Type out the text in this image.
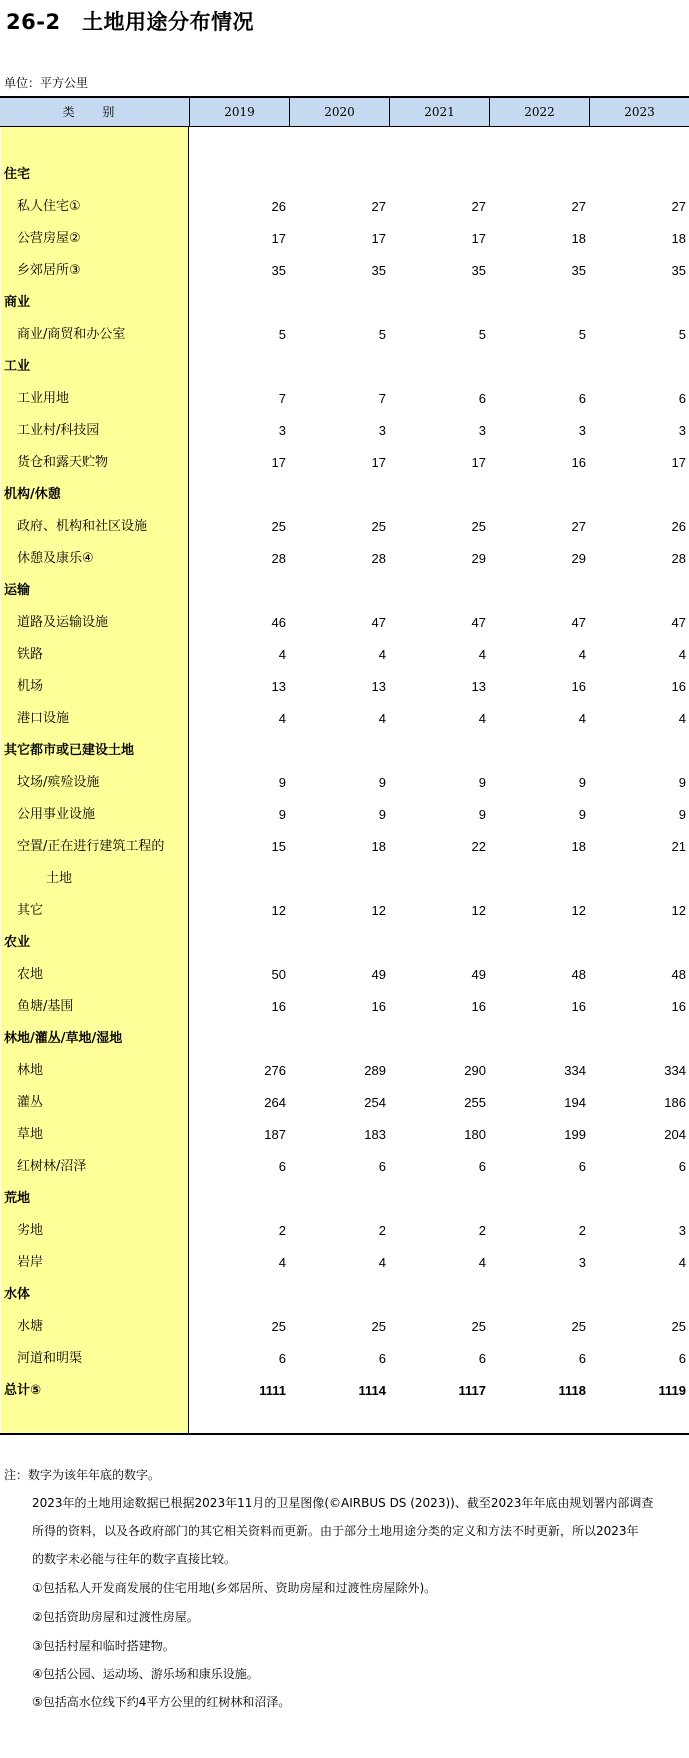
26-2　土地用途分布情况
单位：平方公里
类 别	2019	2020	2021	2022	2023
住宅
私人住宅①	26	27	27	27	27
公营房屋②	17	17	17	18	18
乡郊居所③	35	35	35	35	35
商业
商业/商贸和办公室	5	5	5	5	5
工业
工业用地	7	7	6	6	6
工业村/科技园	3	3	3	3	3
货仓和露天贮物	17	17	17	16	17
机构/休憩
政府、机构和社区设施	25	25	25	27	26
休憩及康乐④	28	28	29	29	28
运输
道路及运输设施	46	47	47	47	47
铁路	4	4	4	4	4
机场	13	13	13	16	16
港口设施	4	4	4	4	4
其它都市或已建设土地
坟场/殡殓设施	9	9	9	9	9
公用事业设施	9	9	9	9	9
空置/正在进行建筑工程的	15	18	22	18	21
土地
其它	12	12	12	12	12
农业
农地	50	49	49	48	48
鱼塘/基围	16	16	16	16	16
林地/灌丛/草地/湿地
林地	276	289	290	334	334
灌丛	264	254	255	194	186
草地	187	183	180	199	204
红树林/沼泽	6	6	6	6	6
荒地
劣地	2	2	2	2	3
岩岸	4	4	4	3	4
水体
水塘	25	25	25	25	25
河道和明渠	6	6	6	6	6
总计⑤	1111	1114	1117	1118	1119
注：数字为该年年底的数字。
2023年的土地用途数据已根据2023年11月的卫星图像(©AIRBUS DS (2023))、截至2023年年底由规划署内部调查
所得的资料，以及各政府部门的其它相关资料而更新。由于部分土地用途分类的定义和方法不时更新，所以2023年
的数字未必能与往年的数字直接比较。
①包括私人开发商发展的住宅用地(乡郊居所、资助房屋和过渡性房屋除外)。
②包括资助房屋和过渡性房屋。
③包括村屋和临时搭建物。
④包括公园、运动场、游乐场和康乐设施。
⑤包括高水位线下约4平方公里的红树林和沼泽。
